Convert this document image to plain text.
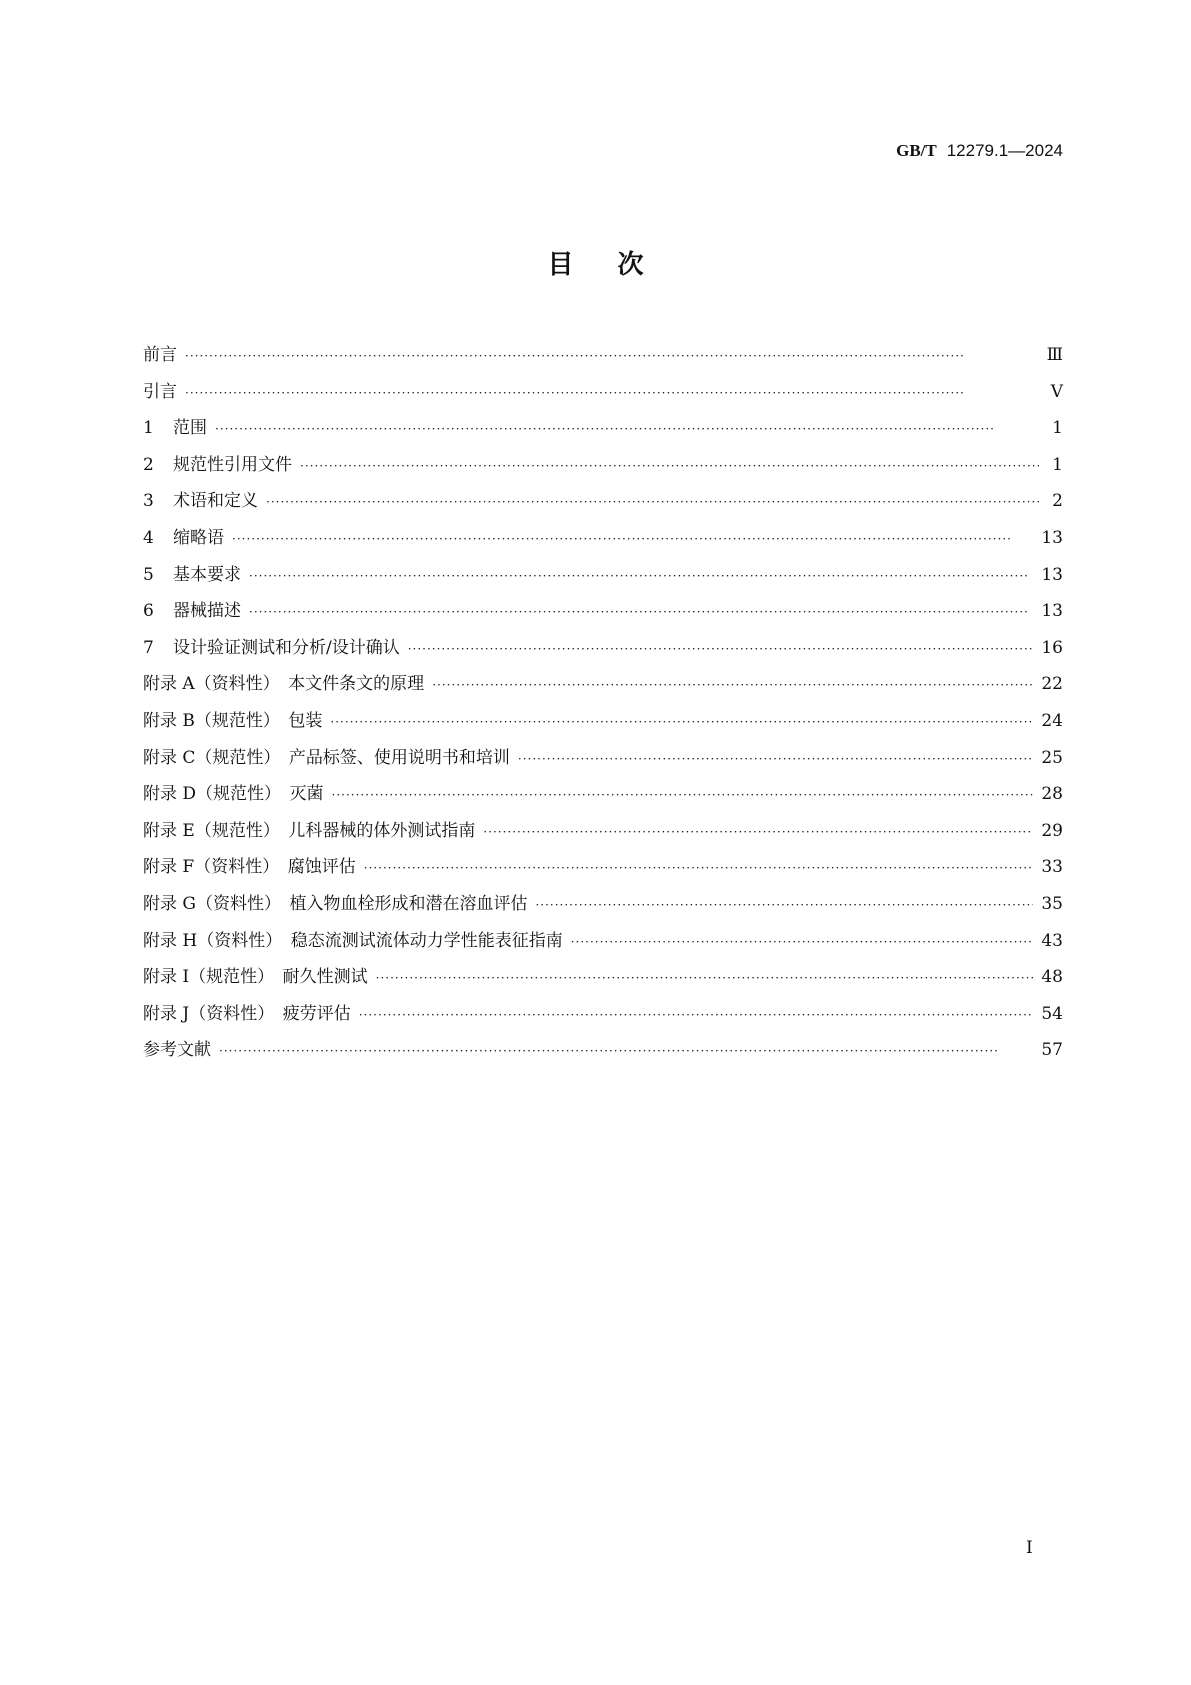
GB/T 12279.1—2024
目次
前言 ·····	Ⅲ
引言 ·····	Ⅴ
1	范围 ·····	1
2	规范性引用文件 ·····	1
3	术语和定义 ·····	2
4	缩略语 ·····	13
5	基本要求 ·····	13
6	器械描述 ·····	13
7	设计验证测试和分析/设计确认 ·····	16
附录 A（资料性）　本文件条文的原理 ·····	22
附录 B（规范性）　包装 ·····	24
附录 C（规范性）　产品标签、使用说明书和培训 ·····	25
附录 D（规范性）　灭菌 ·····	28
附录 E（规范性）　儿科器械的体外测试指南 ·····	29
附录 F（资料性）　腐蚀评估 ·····	33
附录 G（资料性）　植入物血栓形成和潜在溶血评估 ·····	35
附录 H（资料性）　稳态流测试流体动力学性能表征指南 ·····	43
附录 I（规范性）　耐久性测试 ·····	48
附录 J（资料性）　疲劳评估 ·····	54
参考文献 ·····	57
I
